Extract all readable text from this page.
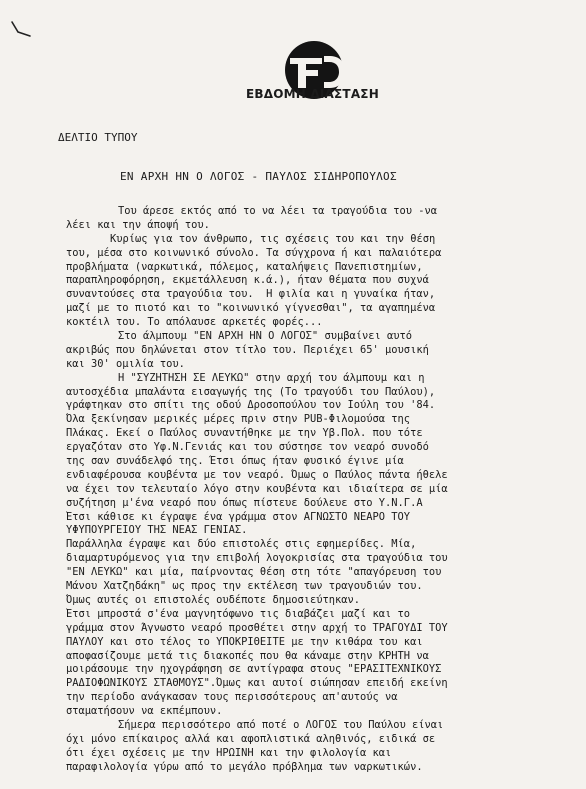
ΕΒΔΟΜΗ ΔΙΑΣΤΑΣΗ
ΔΕΛΤΙΟ ΤΥΠΟΥ
ΕΝ ΑΡΧΗ ΗΝ Ο ΛΟΓΟΣ - ΠΑΥΛΟΣ ΣΙΔΗΡΟΠΟΥΛΟΣ
Του άρεσε εκτός από το να λέει τα τραγούδια του -να
λέει και την άποψή του.
Κυρίως για τον άνθρωπο, τις σχέσεις του και την θέση
του, μέσα στο κοινωνικό σύνολο. Τα σύγχρονα ή και παλαιότερα
προβλήματα (ναρκωτικά, πόλεμος, καταλήψεις Πανεπιστημίων,
παραπληροφόρηση, εκμετάλλευση κ.ά.), ήταν θέματα που συχνά
συναντούσες στα τραγούδια του.  Η φιλία και η γυναίκα ήταν,
μαζί με το πιοτό και το "κοινωνικό γίγνεσθαι", τα αγαπημένα
κοκτέιλ του. Το απόλαυσε αρκετές φορές...
Στο άλμπουμ "ΕΝ ΑΡΧΗ ΗΝ Ο ΛΟΓΟΣ" συμβαίνει αυτό
ακριβώς που δηλώνεται στον τίτλο του. Περιέχει 65' μουσική
και 30' ομιλία του.
Η "ΣΥΖΗΤΗΣΗ ΣΕ ΛΕΥΚΩ" στην αρχή του άλμπουμ και η
αυτοσχέδια μπαλάντα εισαγωγής της (Το τραγούδι του Παύλου),
γράφτηκαν στο σπίτι της οδού Δροσοπούλου τον Ιούλη του '84.
Όλα ξεκίνησαν μερικές μέρες πριν στην PUB-Φιλομούσα της
Πλάκας. Εκεί ο Παύλος συναντήθηκε με την Υβ.Πολ. που τότε
εργαζόταν στο Υφ.Ν.Γενιάς και του σύστησε τον νεαρό συνοδό
της σαν συνάδελφό της. Έτσι όπως ήταν φυσικό έγινε μία
ενδιαφέρουσα κουβέντα με τον νεαρό. Όμως ο Παύλος πάντα ήθελε
να έχει τον τελευταίο λόγο στην κουβέντα και ιδιαίτερα σε μία
συζήτηση μ'ένα νεαρό που όπως πίστευε δούλευε στο Υ.Ν.Γ.Α
Έτσι κάθισε κι έγραψε ένα γράμμα στον ΑΓΝΩΣΤΟ ΝΕΑΡΟ ΤΟΥ
ΥΦΥΠΟΥΡΓΕΙΟΥ ΤΗΣ ΝΕΑΣ ΓΕΝΙΑΣ.
Παράλληλα έγραψε και δύο επιστολές στις εφημερίδες. Μία,
διαμαρτυρόμενος για την επιβολή λογοκρισίας στα τραγούδια του
"ΕΝ ΛΕΥΚΩ" και μία, παίρνοντας θέση στη τότε "απαγόρευση του
Μάνου Χατζηδάκη" ως προς την εκτέλεση των τραγουδιών του.
Όμως αυτές οι επιστολές ουδέποτε δημοσιεύτηκαν.
Έτσι μπροστά σ'ένα μαγνητόφωνο τις διαβάζει μαζί και το
γράμμα στον Άγνωστο νεαρό προσθέτει στην αρχή το ΤΡΑΓΟΥΔΙ ΤΟΥ
ΠΑΥΛΟΥ και στο τέλος το ΥΠΟΚΡΙΘΕΙΤΕ με την κιθάρα του και
αποφασίζουμε μετά τις διακοπές που θα κάναμε στην ΚΡΗΤΗ να
μοιράσουμε την ηχογράφηση σε αντίγραφα στους "ΕΡΑΣΙΤΕΧΝΙΚΟΥΣ
ΡΑΔΙΟΦΩΝΙΚΟΥΣ ΣΤΑΘΜΟΥΣ".Όμως και αυτοί σιώπησαν επειδή εκείνη
την περίοδο ανάγκασαν τους περισσότερους απ'αυτούς να
σταματήσουν να εκπέμπουν.
Σήμερα περισσότερο από ποτέ ο ΛΟΓΟΣ του Παύλου είναι
όχι μόνο επίκαιρος αλλά και αφοπλιστικά αληθινός, ειδικά σε
ότι έχει σχέσεις με την ΗΡΩΙΝΗ και την φιλολογία και
παραφιλολογία γύρω από το μεγάλο πρόβλημα των ναρκωτικών.
